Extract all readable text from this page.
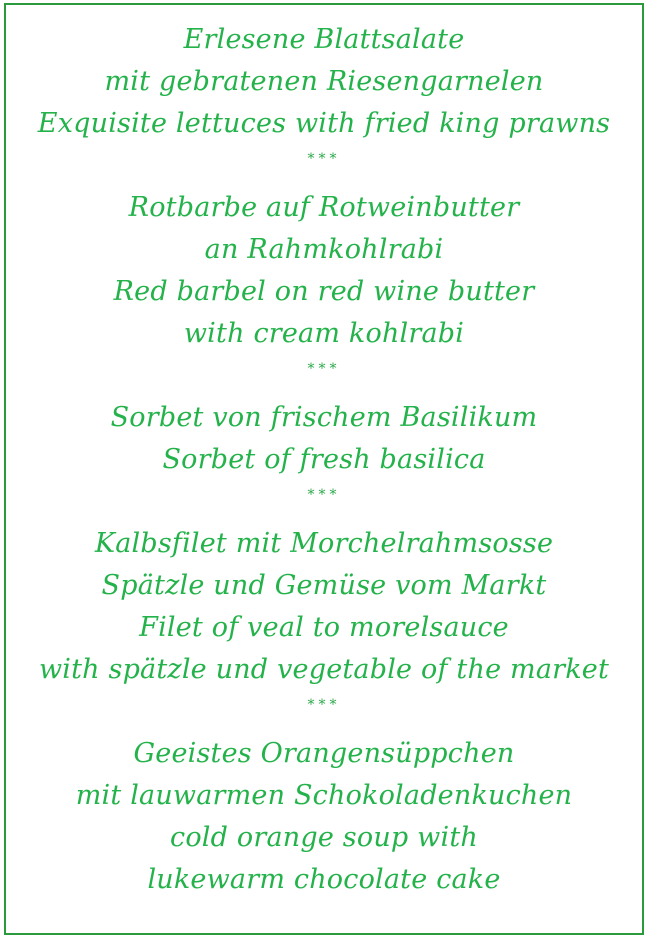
Erlesene Blattsalate
mit gebratenen Riesengarnelen
Exquisite lettuces with fried king prawns
***
Rotbarbe auf Rotweinbutter
an Rahmkohlrabi
Red barbel on red wine butter
with cream kohlrabi
***
Sorbet von frischem Basilikum
Sorbet of fresh basilica
***
Kalbsfilet mit Morchelrahmsosse
Spätzle und Gemüse vom Markt
Filet of veal to morelsauce
with spätzle und vegetable of the market
***
Geeistes Orangensüppchen
mit lauwarmen Schokoladenkuchen
cold orange soup with
lukewarm chocolate cake
